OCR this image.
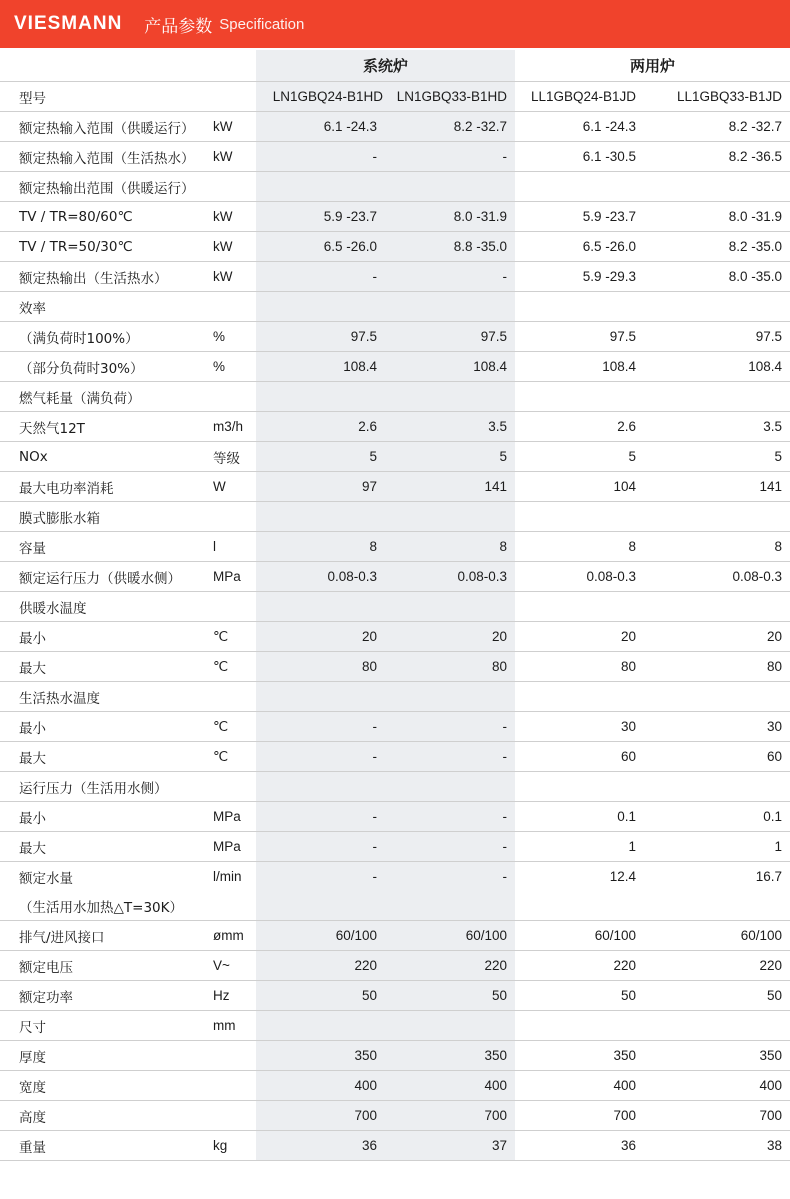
VIESMANN 产品参数 Specification
		系统炉		两用炉	
型号		LN1GBQ24-B1HD	LN1GBQ33-B1HD	LL1GBQ24-B1JD	LL1GBQ33-B1JD
额定热输入范围（供暖运行）	kW	6.1 -24.3	8.2 -32.7	6.1 -24.3	8.2 -32.7
额定热输入范围（生活热水）	kW	-	-	6.1 -30.5	8.2 -36.5
额定热输出范围（供暖运行）					
TV / TR=80/60℃	kW	5.9 -23.7	8.0 -31.9	5.9 -23.7	8.0 -31.9
TV / TR=50/30℃	kW	6.5 -26.0	8.8 -35.0	6.5 -26.0	8.2 -35.0
额定热输出（生活热水）	kW	-	-	5.9 -29.3	8.0 -35.0
效率					
（满负荷时100%）	%	97.5	97.5	97.5	97.5
（部分负荷时30%）	%	108.4	108.4	108.4	108.4
燃气耗量（满负荷）					
天然气12T	m3/h	2.6	3.5	2.6	3.5
NOx	等级	5	5	5	5
最大电功率消耗	W	97	141	104	141
膜式膨胀水箱					
容量	l	8	8	8	8
额定运行压力（供暖水侧）	MPa	0.08-0.3	0.08-0.3	0.08-0.3	0.08-0.3
供暖水温度					
最小	℃	20	20	20	20
最大	℃	80	80	80	80
生活热水温度					
最小	℃	-	-	30	30
最大	℃	-	-	60	60
运行压力（生活用水侧）					
最小	MPa	-	-	0.1	0.1
最大	MPa	-	-	1	1
额定水量	l/min	-	-	12.4	16.7
（生活用水加热△T=30K）					
排气/进风接口	ømm	60/100	60/100	60/100	60/100
额定电压	V~	220	220	220	220
额定功率	Hz	50	50	50	50
尺寸	mm				
厚度		350	350	350	350
宽度		400	400	400	400
高度		700	700	700	700
重量	kg	36	37	36	38
